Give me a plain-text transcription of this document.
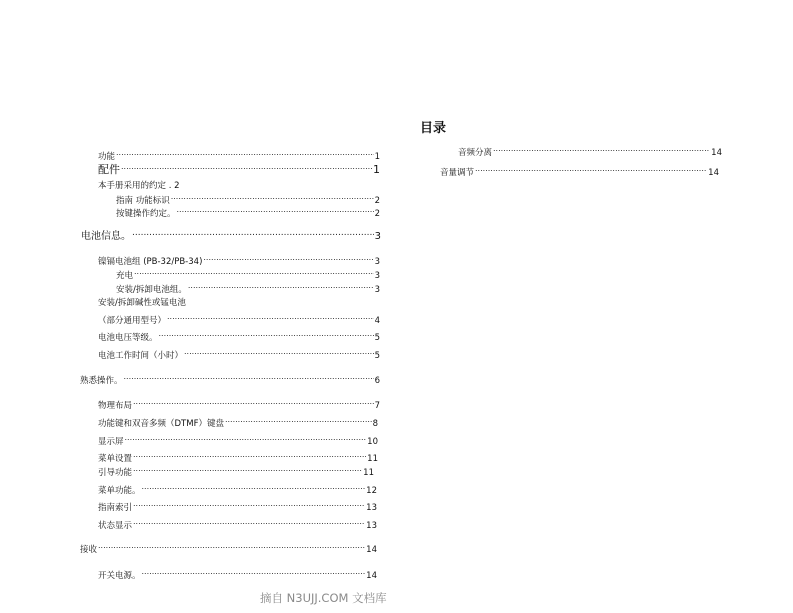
目录
功能 .....	1
配件 .....	1
本手册采用的约定 . 2
指南 功能标识 .....	2
按键操作约定。 .....	2
电池信息。 .....	3
镍镉电池组 (PB-32/PB-34) .....	3
充电 .....	3
安装/拆卸电池组。 .....	3
安装/拆卸碱性或锰电池
（部分通用型号） .....	4
电池电压等级。 .....	5
电池工作时间（小时） .....	5
熟悉操作。 .....	6
物理布局 .....	7
功能键和双音多频（DTMF）键盘 .....	8
显示屏 .....	10
菜单设置 .....	11
引导功能 .....	11
菜单功能。 .....	12
指南索引 .....	13
状态显示 .....	13
接收 .....	14
开关电源。 .....	14
音频分离 .....	14
音量调节 .....	14
摘自 N3UJJ.COM 文档库
